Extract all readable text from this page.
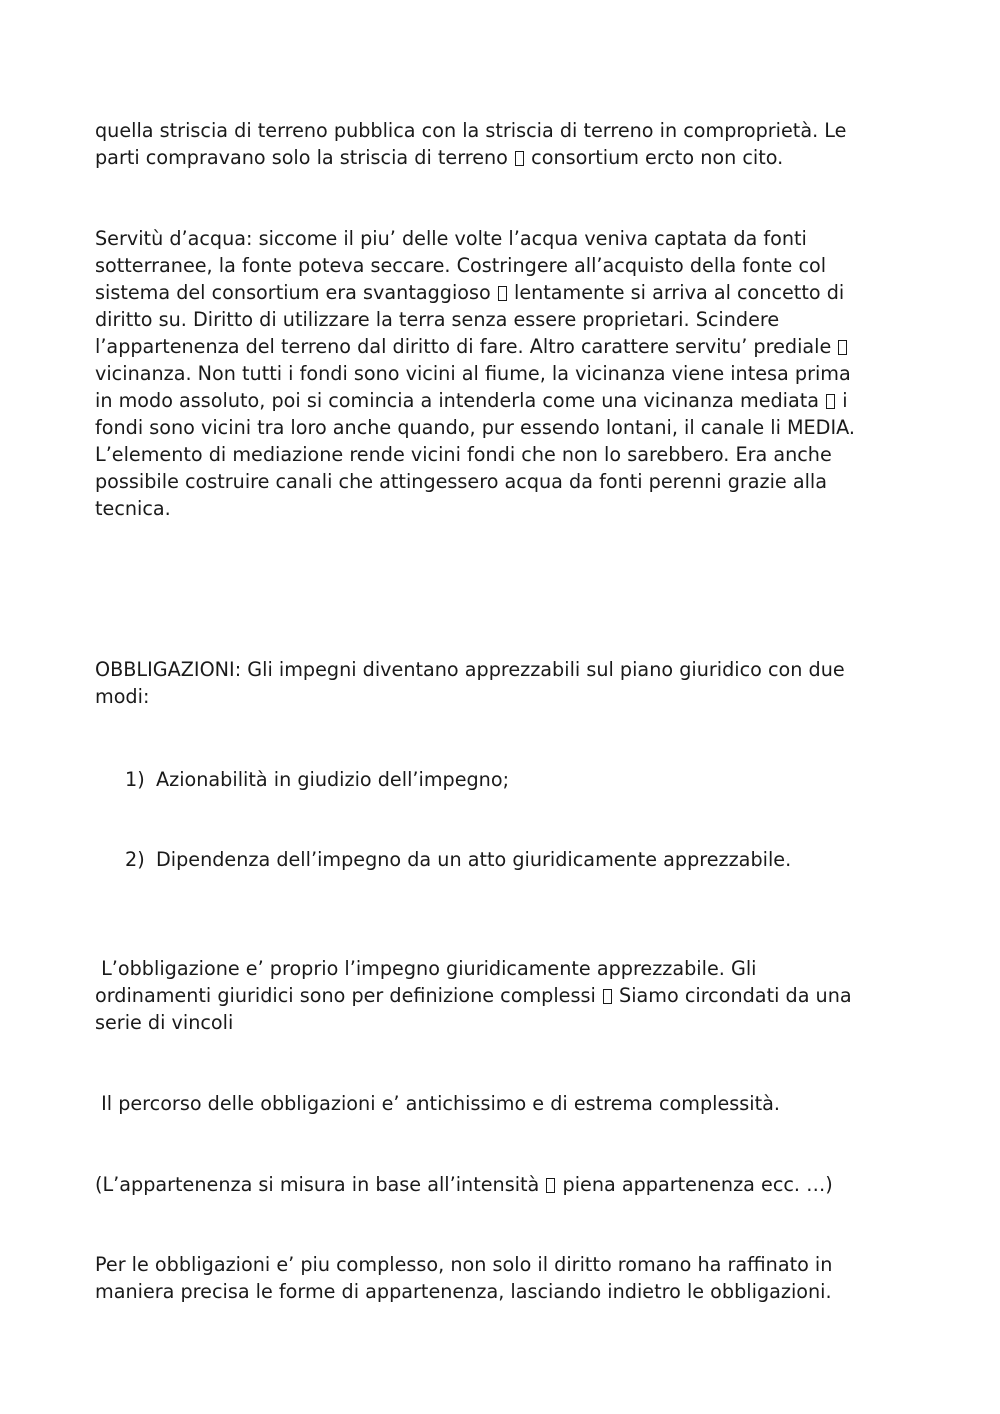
quella striscia di terreno pubblica con la striscia di terreno in comproprietà. Le
parti compravano solo la striscia di terreno consortium ercto non cito.

Servitù d’acqua: siccome il piu’ delle volte l’acqua veniva captata da fonti
sotterranee, la fonte poteva seccare. Costringere all’acquisto della fonte col
sistema del consortium era svantaggioso lentamente si arriva al concetto di
diritto su. Diritto di utilizzare la terra senza essere proprietari. Scindere
l’appartenenza del terreno dal diritto di fare. Altro carattere servitu’ prediale
vicinanza. Non tutti i fondi sono vicini al fiume, la vicinanza viene intesa prima
in modo assoluto, poi si comincia a intenderla come una vicinanza mediata i
fondi sono vicini tra loro anche quando, pur essendo lontani, il canale li MEDIA.
L’elemento di mediazione rende vicini fondi che non lo sarebbero. Era anche
possibile costruire canali che attingessero acqua da fonti perenni grazie alla
tecnica.

OBBLIGAZIONI: Gli impegni diventano apprezzabili sul piano giuridico con due
modi:

1) Azionabilità in giudizio dell’impegno;
2) Dipendenza dell’impegno da un atto giuridicamente apprezzabile.

L’obbligazione e’ proprio l’impegno giuridicamente apprezzabile. Gli
ordinamenti giuridici sono per definizione complessi Siamo circondati da una
serie di vincoli

Il percorso delle obbligazioni e’ antichissimo e di estrema complessità.

(L’appartenenza si misura in base all’intensità piena appartenenza ecc. …)

Per le obbligazioni e’ piu complesso, non solo il diritto romano ha raffinato in
maniera precisa le forme di appartenenza, lasciando indietro le obbligazioni.
